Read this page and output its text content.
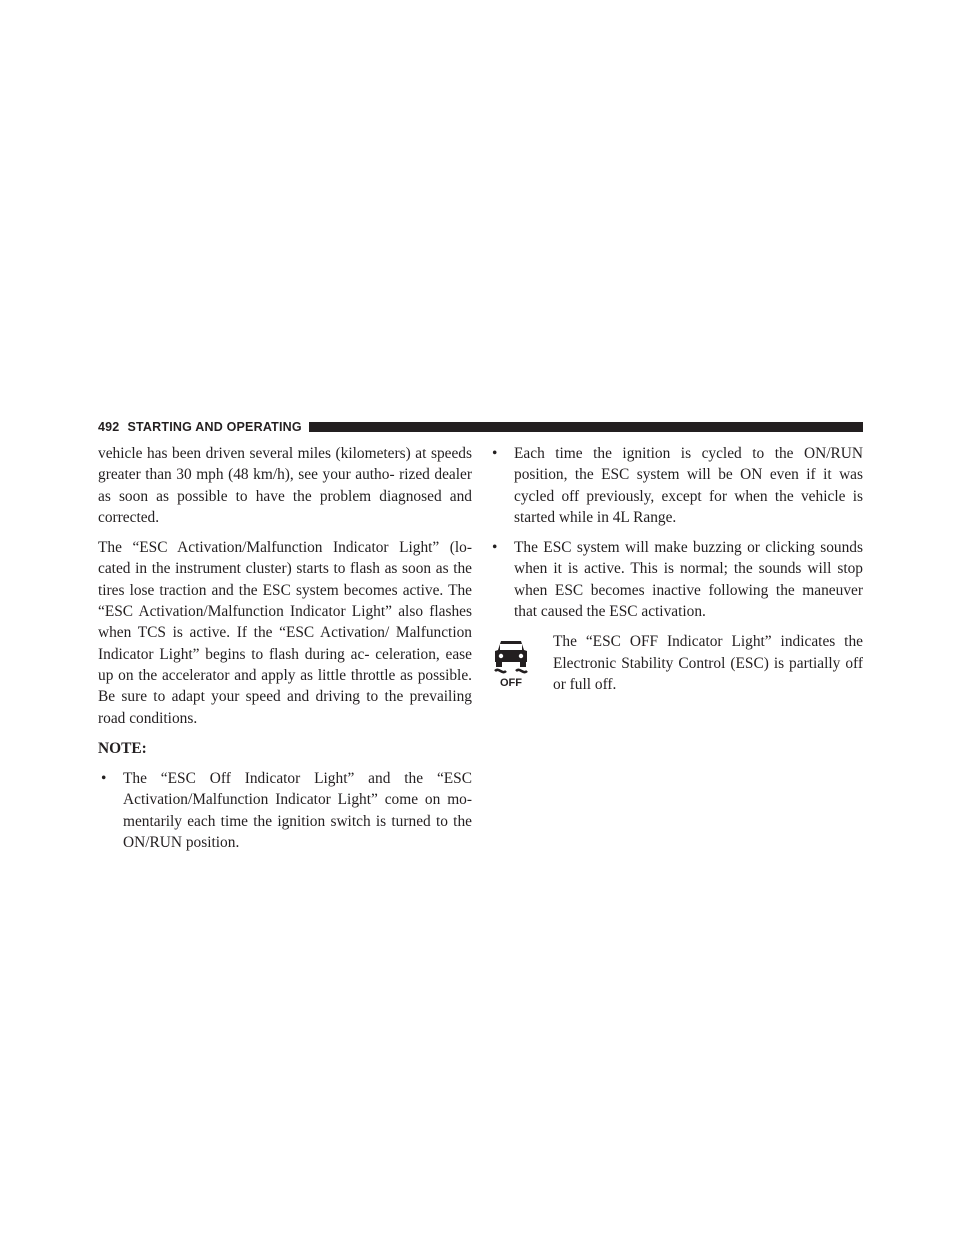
492 STARTING AND OPERATING

vehicle has been driven several miles (kilometers) at speeds greater than 30 mph (48 km/h), see your autho- rized dealer as soon as possible to have the problem diagnosed and corrected.

The “ESC Activation/Malfunction Indicator Light” (lo- cated in the instrument cluster) starts to flash as soon as the tires lose traction and the ESC system becomes active. The “ESC Activation/Malfunction Indicator Light” also flashes when TCS is active. If the “ESC Activation/ Malfunction Indicator Light” begins to flash during ac- celeration, ease up on the accelerator and apply as little throttle as possible. Be sure to adapt your speed and driving to the prevailing road conditions.

NOTE:

• The “ESC Off Indicator Light” and the “ESC Activation/Malfunction Indicator Light” come on mo- mentarily each time the ignition switch is turned to the ON/RUN position.
• Each time the ignition is cycled to the ON/RUN position, the ESC system will be ON even if it was cycled off previously, except for when the vehicle is started while in 4L Range.
• The ESC system will make buzzing or clicking sounds when it is active. This is normal; the sounds will stop when ESC becomes inactive following the maneuver that caused the ESC activation.
OFF
The “ESC OFF Indicator Light” indicates the Electronic Stability Control (ESC) is partially off or full off.
